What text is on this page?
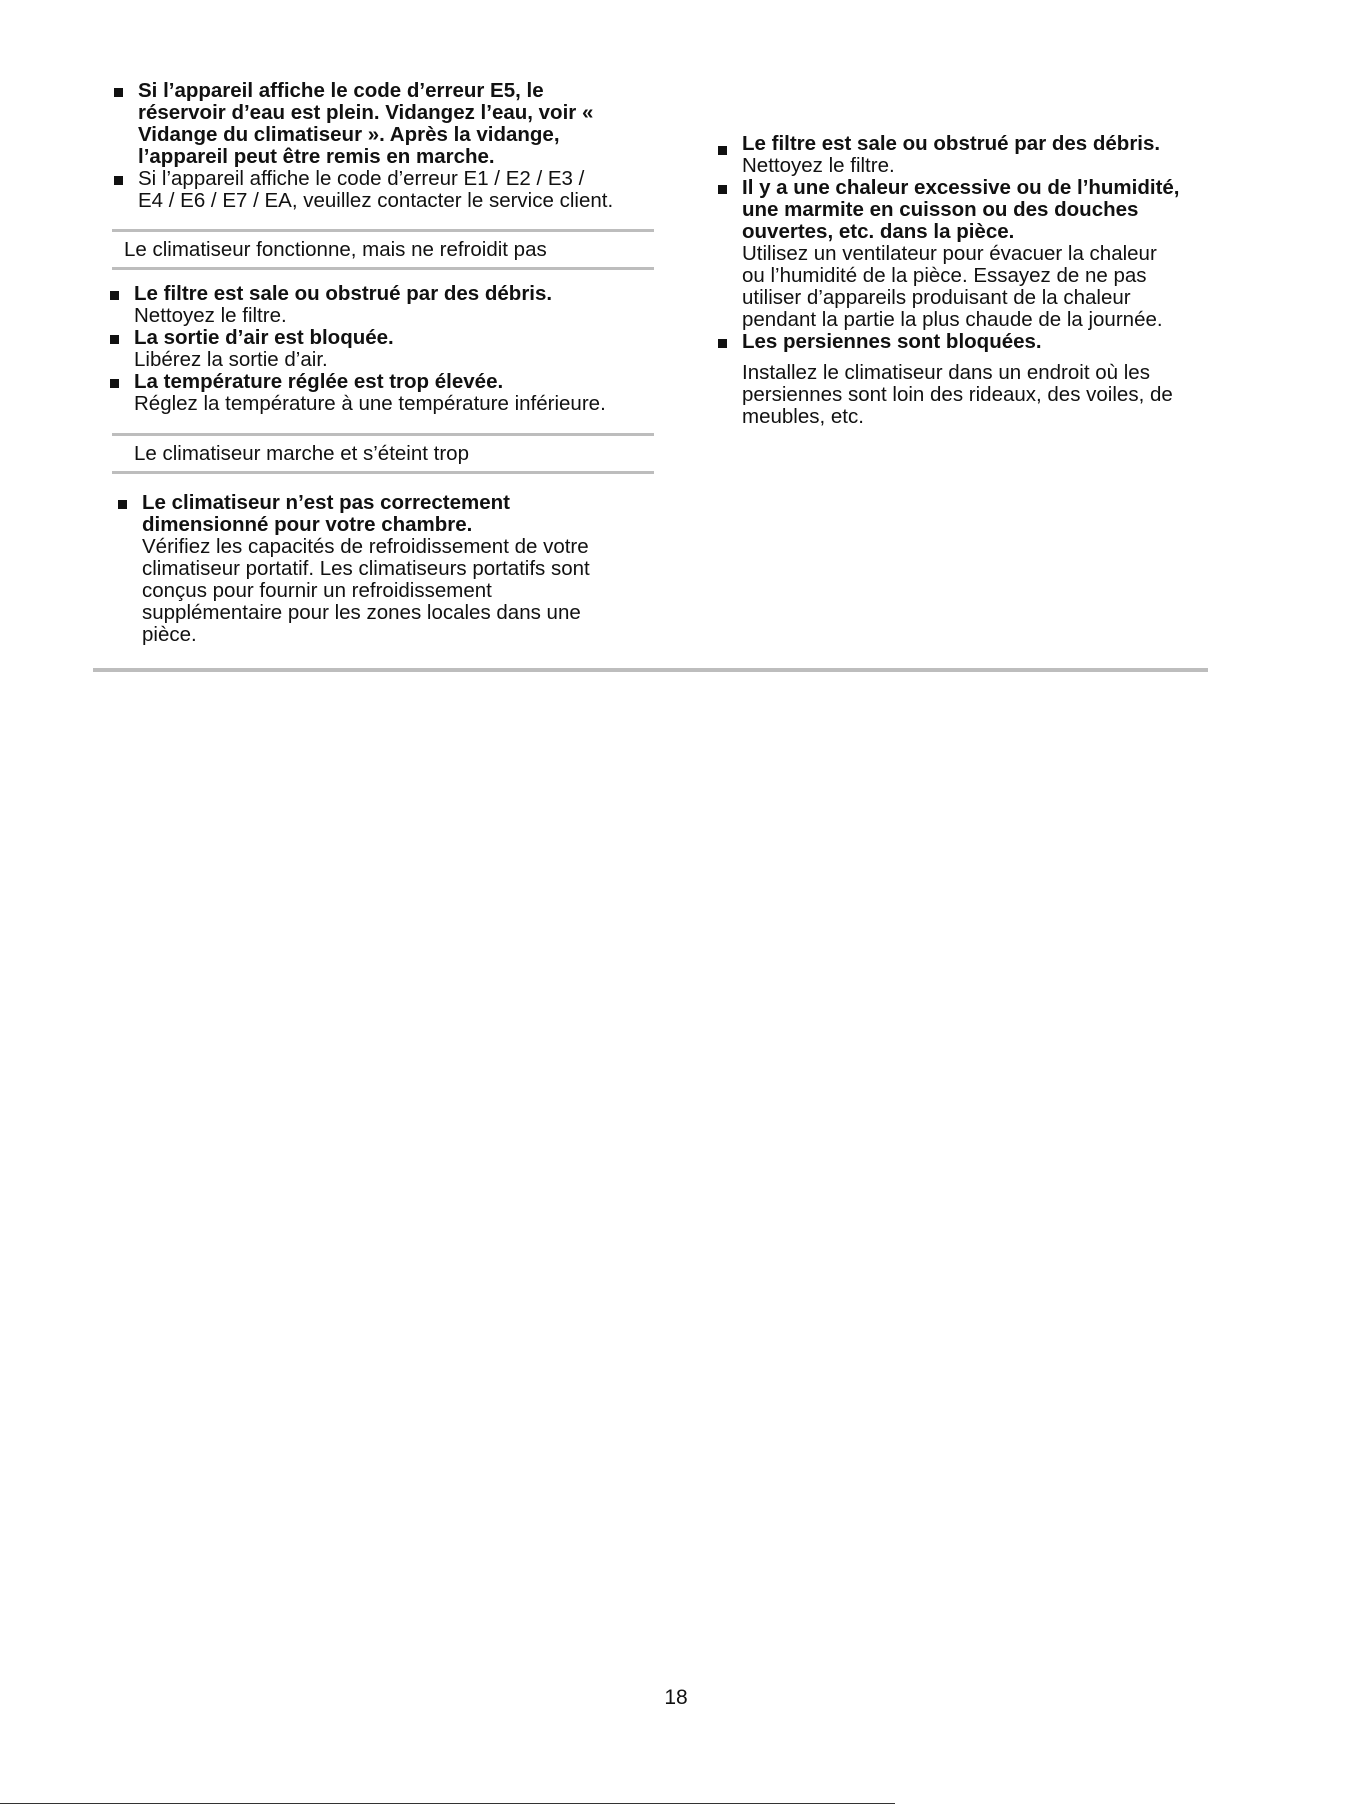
Si l’appareil affiche le code d’erreur E5, le
réservoir d’eau est plein. Vidangez l’eau, voir «
Vidange du climatiseur ». Après la vidange,
l’appareil peut être remis en marche.
Si l’appareil affiche le code d’erreur E1 / E2 / E3 /
E4 / E6 / E7 / EA, veuillez contacter le service client.
Le climatiseur fonctionne, mais ne refroidit pas
Le filtre est sale ou obstrué par des débris.
Nettoyez le filtre.
La sortie d’air est bloquée.
Libérez la sortie d’air.
La température réglée est trop élevée.
Réglez la température à une température inférieure.
Le climatiseur marche et s’éteint trop
Le climatiseur n’est pas correctement
dimensionné pour votre chambre.
Vérifiez les capacités de refroidissement de votre
climatiseur portatif. Les climatiseurs portatifs sont
conçus pour fournir un refroidissement
supplémentaire pour les zones locales dans une
pièce.
Le filtre est sale ou obstrué par des débris.
Nettoyez le filtre.
Il y a une chaleur excessive ou de l’humidité,
une marmite en cuisson ou des douches
ouvertes, etc. dans la pièce.
Utilisez un ventilateur pour évacuer la chaleur
ou l’humidité de la pièce. Essayez de ne pas
utiliser d’appareils produisant de la chaleur
pendant la partie la plus chaude de la journée.
Les persiennes sont bloquées.
Installez le climatiseur dans un endroit où les
persiennes sont loin des rideaux, des voiles, de
meubles, etc.
18
